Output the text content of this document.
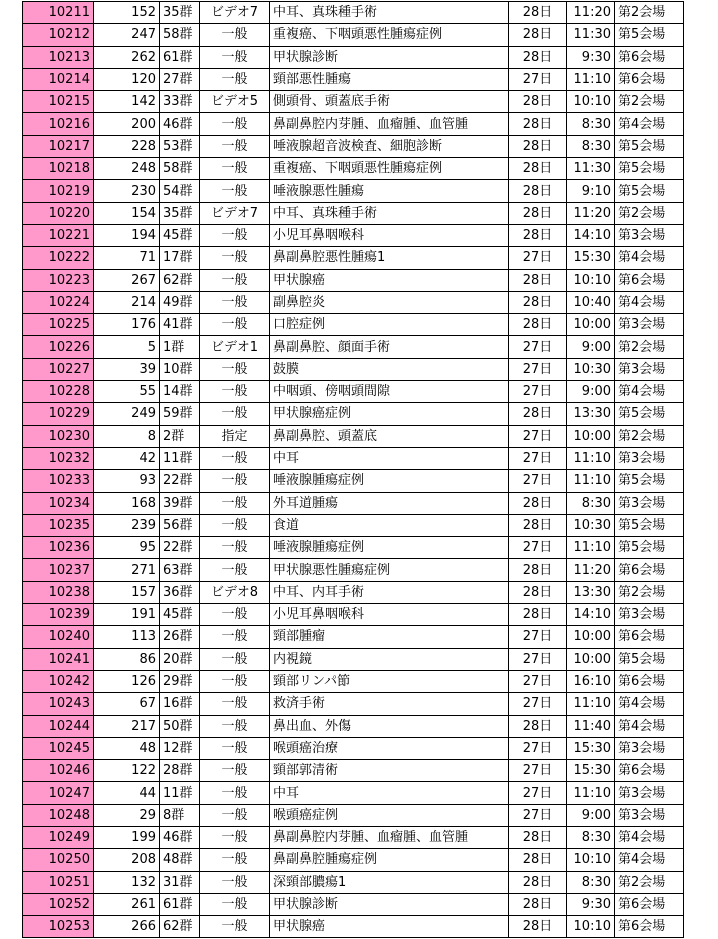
10211	152	35群	ビデオ7	中耳、真珠種手術	28日	11:20	第2会場
10212	247	58群	一般	重複癌、下咽頭悪性腫瘍症例	28日	11:30	第5会場
10213	262	61群	一般	甲状腺診断	28日	9:30	第6会場
10214	120	27群	一般	頸部悪性腫瘍	27日	11:10	第6会場
10215	142	33群	ビデオ5	側頭骨、頭蓋底手術	28日	10:10	第2会場
10216	200	46群	一般	鼻副鼻腔内芽腫、血瘤腫、血管腫	28日	8:30	第4会場
10217	228	53群	一般	唾液腺超音波検査、細胞診断	28日	8:30	第5会場
10218	248	58群	一般	重複癌、下咽頭悪性腫瘍症例	28日	11:30	第5会場
10219	230	54群	一般	唾液腺悪性腫瘍	28日	9:10	第5会場
10220	154	35群	ビデオ7	中耳、真珠種手術	28日	11:20	第2会場
10221	194	45群	一般	小児耳鼻咽喉科	28日	14:10	第3会場
10222	71	17群	一般	鼻副鼻腔悪性腫瘍1	27日	15:30	第4会場
10223	267	62群	一般	甲状腺癌	28日	10:10	第6会場
10224	214	49群	一般	副鼻腔炎	28日	10:40	第4会場
10225	176	41群	一般	口腔症例	28日	10:00	第3会場
10226	5	1群	ビデオ1	鼻副鼻腔、顔面手術	27日	9:00	第2会場
10227	39	10群	一般	鼓膜	27日	10:30	第3会場
10228	55	14群	一般	中咽頭、傍咽頭間隙	27日	9:00	第4会場
10229	249	59群	一般	甲状腺癌症例	28日	13:30	第5会場
10230	8	2群	指定	鼻副鼻腔、頭蓋底	27日	10:00	第2会場
10232	42	11群	一般	中耳	27日	11:10	第3会場
10233	93	22群	一般	唾液腺腫瘍症例	27日	11:10	第5会場
10234	168	39群	一般	外耳道腫瘍	28日	8:30	第3会場
10235	239	56群	一般	食道	28日	10:30	第5会場
10236	95	22群	一般	唾液腺腫瘍症例	27日	11:10	第5会場
10237	271	63群	一般	甲状腺悪性腫瘍症例	28日	11:20	第6会場
10238	157	36群	ビデオ8	中耳、内耳手術	28日	13:30	第2会場
10239	191	45群	一般	小児耳鼻咽喉科	28日	14:10	第3会場
10240	113	26群	一般	頸部腫瘤	27日	10:00	第6会場
10241	86	20群	一般	内視鏡	27日	10:00	第5会場
10242	126	29群	一般	頸部リンパ節	27日	16:10	第6会場
10243	67	16群	一般	救済手術	27日	11:10	第4会場
10244	217	50群	一般	鼻出血、外傷	28日	11:40	第4会場
10245	48	12群	一般	喉頭癌治療	27日	15:30	第3会場
10246	122	28群	一般	頸部郭清術	27日	15:30	第6会場
10247	44	11群	一般	中耳	27日	11:10	第3会場
10248	29	8群	一般	喉頭癌症例	27日	9:00	第3会場
10249	199	46群	一般	鼻副鼻腔内芽腫、血瘤腫、血管腫	28日	8:30	第4会場
10250	208	48群	一般	鼻副鼻腔腫瘍症例	28日	10:10	第4会場
10251	132	31群	一般	深頸部膿瘍1	28日	8:30	第2会場
10252	261	61群	一般	甲状腺診断	28日	9:30	第6会場
10253	266	62群	一般	甲状腺癌	28日	10:10	第6会場
